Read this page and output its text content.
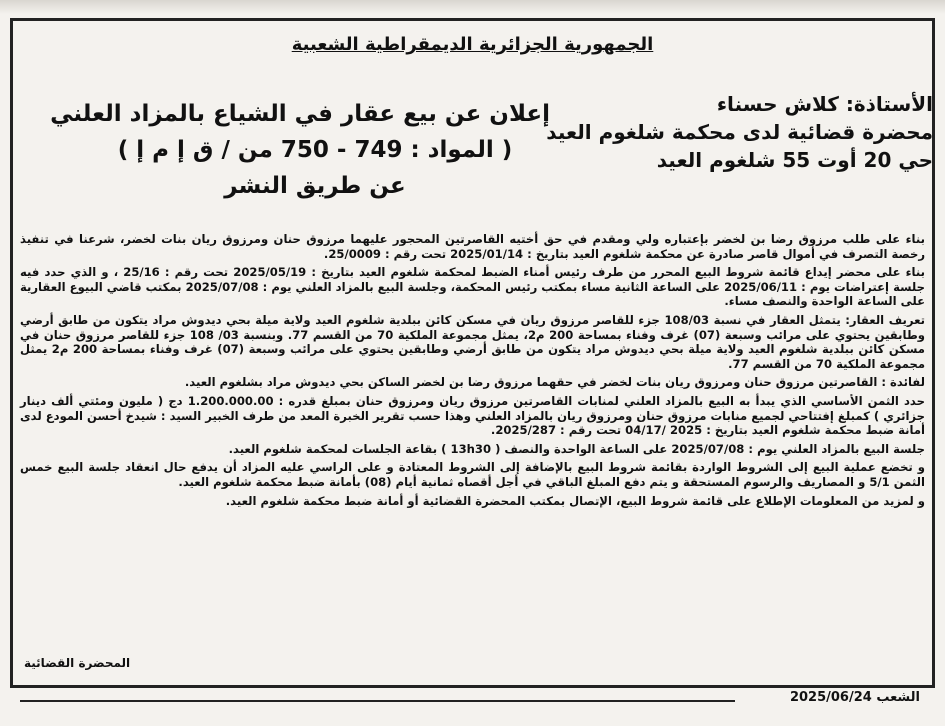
الجمهورية الجزائرية الديمقراطية الشعبية
الأستاذة: كلاش حسناء
محضرة قضائية لدى محكمة شلغوم العيد
حي 20 أوت 55 شلغوم العيد
إعلان عن بيع عقار في الشياع بالمزاد العلني
( المواد : 749 - 750 من / ق إ م إ )
عن طريق النشر

بناء على طلب مرزوق رضا بن لخضر بإعتباره ولي ومقدم في حق أختيه القاصرتين المحجور عليهما مرزوق حنان ومرزوق ريان بنات لخضر، شرعنا في تنفيذ رخصة التصرف في أموال قاصر صادرة عن محكمة شلغوم العيد بتاريخ : 2025/01/14 تحت رقم : 25/0009.

بناء على محضر إيداع قائمة شروط البيع المحرر من طرف رئيس أمناء الضبط لمحكمة شلغوم العيد بتاريخ : 2025/05/19 تحت رقم : 25/16 ، و الذي حدد فيه جلسة إعتراضات يوم : 2025/06/11 على الساعة الثانية مساء بمكتب رئيس المحكمة، وجلسة البيع بالمزاد العلني يوم : 2025/07/08 بمكتب قاضي البيوع العقارية على الساعة الواحدة والنصف مساء.

تعريف العقار: يتمثل العقار في نسبة 108/03 جزء للقاصر مرزوق ريان في مسكن كائن ببلدية شلغوم العيد ولاية ميلة بحي ديدوش مراد يتكون من طابق أرضي وطابقين يحتوي على مرائب وسبعة (07) غرف وفناء بمساحة 200 م2، يمثل مجموعة الملكية 70 من القسم 77. وبنسبة 03/ 108 جزء للقاصر مرزوق حنان في مسكن كائن ببلدية شلغوم العيد ولاية ميلة بحي ديدوش مراد يتكون من طابق أرضي وطابقين يحتوي على مرائب وسبعة (07) غرف وفناء بمساحة 200 م2 يمثل مجموعة الملكية 70 من القسم 77.

لفائدة : القاصرتين مرزوق حنان ومرزوق ريان بنات لخضر في حقهما مرزوق رضا بن لخضر الساكن بحي ديدوش مراد بشلغوم العيد.

حدد الثمن الأساسي الذي يبدأ به البيع بالمزاد العلني لمنابات القاصرتين مرزوق ريان ومرزوق حنان بمبلغ قدره : 1.200.000.00 دج ( مليون ومئتي ألف دينار جزائري ) كمبلغ إفتتاحي لجميع منابات مرزوق حنان ومرزوق ريان بالمزاد العلني وهذا حسب تقرير الخبرة المعد من طرف الخبير السيد : شيدخ أحسن المودع لدى أمانة ضبط محكمة شلغوم العيد بتاريخ : 2025 /04/17 تحت رقم : 2025/287.

جلسة البيع بالمزاد العلني يوم : 2025/07/08 على الساعة الواحدة والنصف ( 13h30 ) بقاعة الجلسات لمحكمة شلغوم العيد.

و تخضع عملية البيع إلى الشروط الواردة بقائمة شروط البيع بالإضافة إلى الشروط المعتادة و على الراسي عليه المزاد أن يدفع حال انعقاد جلسة البيع خمس الثمن 5/1 و المصاريف والرسوم المستحقة و يتم دفع المبلغ الباقي في أجل أقصاه ثمانية أيام (08) بأمانة ضبط محكمة شلغوم العيد.

و لمزيد من المعلومات الإطلاع على قائمة شروط البيع، الإتصال بمكتب المحضرة القضائية أو أمانة ضبط محكمة شلغوم العيد.

المحضرة القضائية
الشعب 2025/06/24
